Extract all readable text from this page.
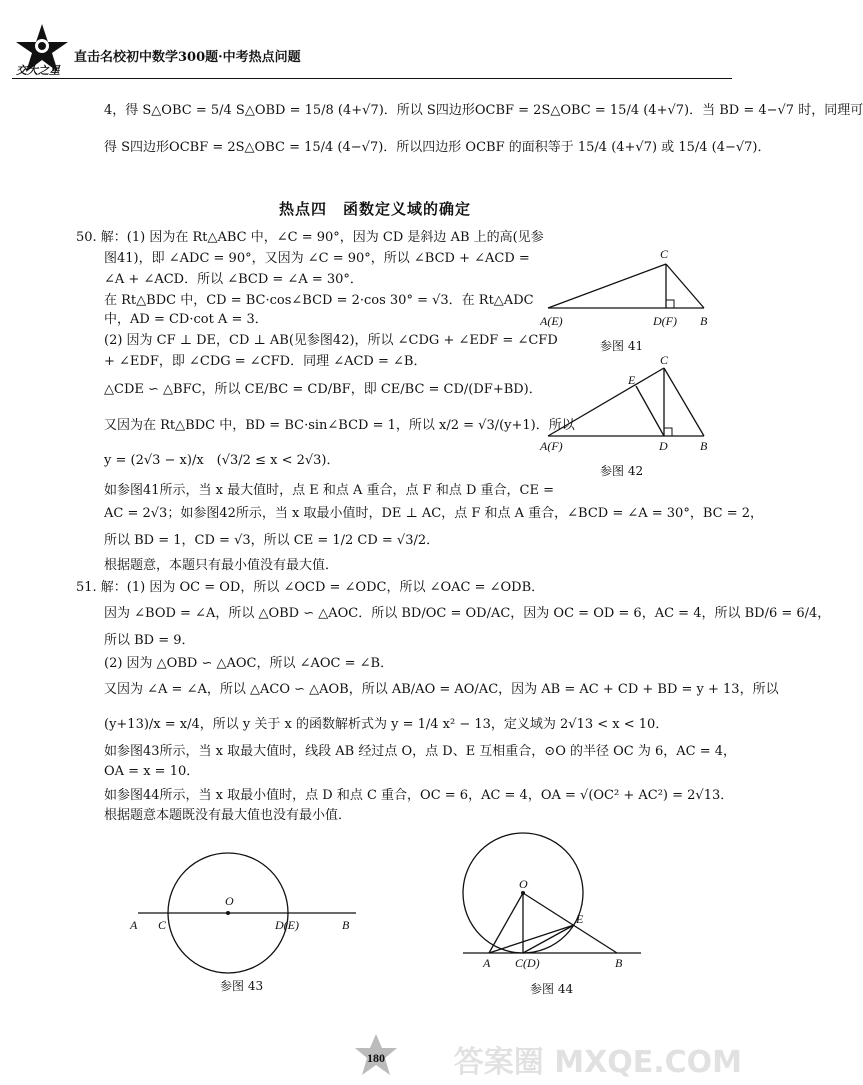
直击名校初中数学300题·中考热点问题
交大之星
4，得 S△OBC = 5/4 S△OBD = 15/8 (4+√7)．所以 S四边形OCBF = 2S△OBC = 15/4 (4+√7)．当 BD = 4−√7 时，同理可
得 S四边形OCBF = 2S△OBC = 15/4 (4−√7)．所以四边形 OCBF 的面积等于 15/4 (4+√7) 或 15/4 (4−√7)．
热点四　函数定义域的确定
50. 解：(1) 因为在 Rt△ABC 中，∠C = 90°，因为 CD 是斜边 AB 上的高(见参
图41)，即 ∠ADC = 90°，又因为 ∠C = 90°，所以 ∠BCD + ∠ACD =
∠A + ∠ACD．所以 ∠BCD = ∠A = 30°．
在 Rt△BDC 中，CD = BC·cos∠BCD = 2·cos 30° = √3．在 Rt△ADC
中，AD = CD·cot A = 3．
(2) 因为 CF ⊥ DE，CD ⊥ AB(见参图42)，所以 ∠CDG + ∠EDF = ∠CFD
+ ∠EDF，即 ∠CDG = ∠CFD．同理 ∠ACD = ∠B．
△CDE ∽ △BFC，所以 CE/BC = CD/BF，即 CE/BC = CD/(DF+BD)．
又因为在 Rt△BDC 中，BD = BC·sin∠BCD = 1，所以 x/2 = √3/(y+1)．所以
y = (2√3 − x)/x　(√3/2 ≤ x < 2√3)．
如参图41所示，当 x 最大值时，点 E 和点 A 重合，点 F 和点 D 重合，CE =
AC = 2√3；如参图42所示，当 x 取最小值时，DE ⊥ AC，点 F 和点 A 重合，∠BCD = ∠A = 30°，BC = 2，
所以 BD = 1，CD = √3，所以 CE = 1/2 CD = √3/2．
根据题意，本题只有最小值没有最大值．
51. 解：(1) 因为 OC = OD，所以 ∠OCD = ∠ODC，所以 ∠OAC = ∠ODB．
因为 ∠BOD = ∠A，所以 △OBD ∽ △AOC．所以 BD/OC = OD/AC，因为 OC = OD = 6，AC = 4，所以 BD/6 = 6/4，
所以 BD = 9．
(2) 因为 △OBD ∽ △AOC，所以 ∠AOC = ∠B．
又因为 ∠A = ∠A，所以 △ACO ∽ △AOB，所以 AB/AO = AO/AC，因为 AB = AC + CD + BD = y + 13，所以
(y+13)/x = x/4，所以 y 关于 x 的函数解析式为 y = 1/4 x² − 13，定义域为 2√13 < x < 10．
如参图43所示，当 x 取最大值时，线段 AB 经过点 O，点 D、E 互相重合，⊙O 的半径 OC 为 6，AC = 4，
OA = x = 10．
如参图44所示，当 x 取最小值时，点 D 和点 C 重合，OC = 6，AC = 4，OA = √(OC² + AC²) = 2√13．
根据题意本题既没有最大值也没有最小值．
C
A(E)	D(F) B
参图 41
C
E
A(F)	D	B
参图 42
O
A C	D(E)	B
参图 43
O
E
A C(D)	B
参图 44
180 答案圈 MXQE.COM
